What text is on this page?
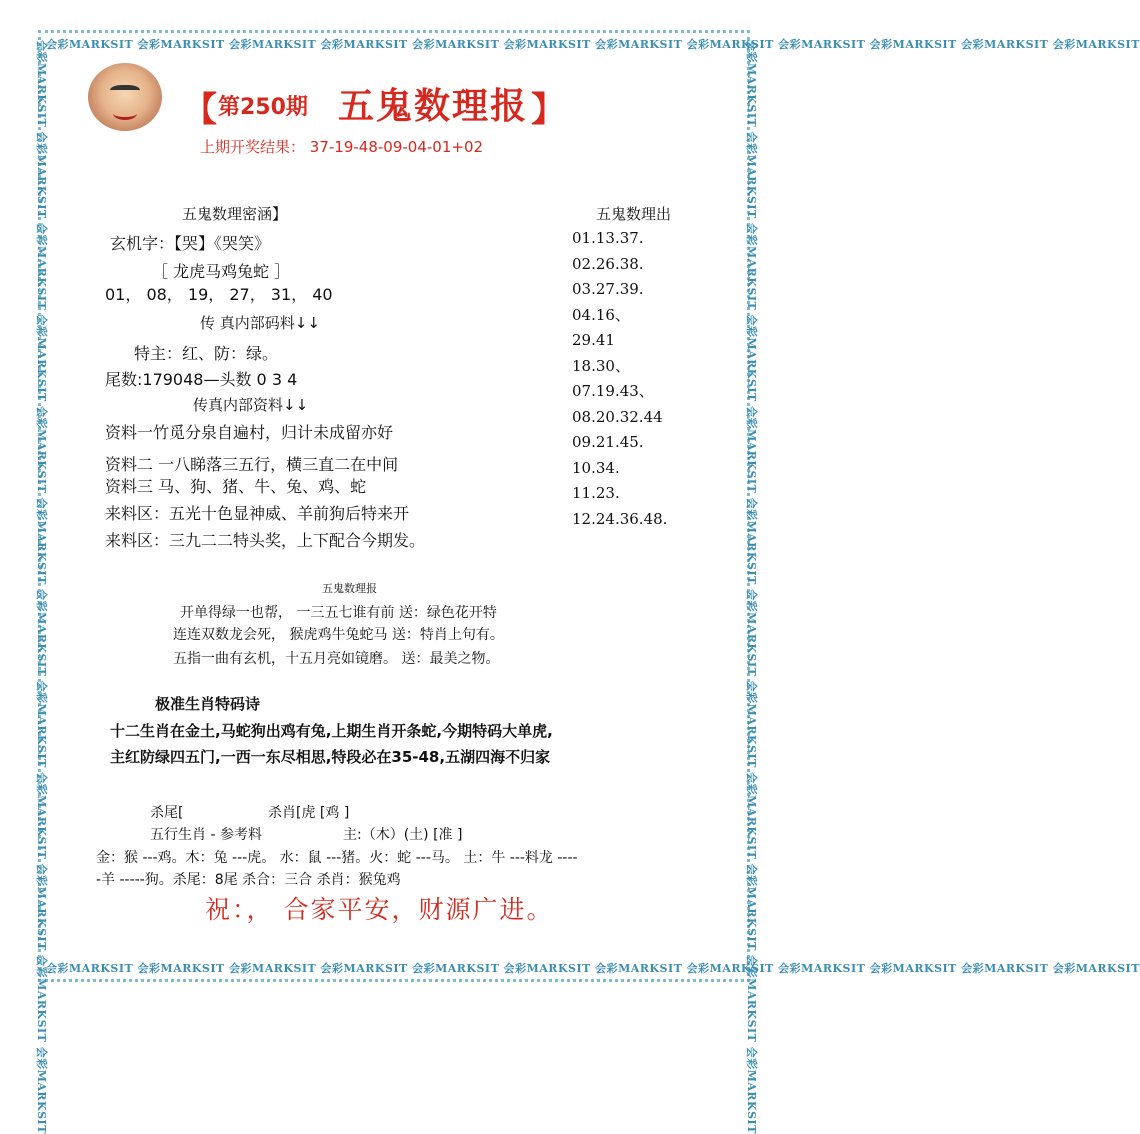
会彩MARKSIT 会彩MARKSIT 会彩MARKSIT 会彩MARKSIT 会彩MARKSIT 会彩MARKSIT 会彩MARKSIT 会彩MARKSIT 会彩MARKSIT 会彩MARKSIT 会彩MARKSIT 会彩MARKSIT
会彩MARKSIT 会彩MARKSIT 会彩MARKSIT 会彩MARKSIT 会彩MARKSIT 会彩MARKSIT 会彩MARKSIT 会彩MARKSIT 会彩MARKSIT 会彩MARKSIT 会彩MARKSIT 会彩MARKSIT
会彩MARKSIT 会彩MARKSIT 会彩MARKSIT 会彩MARKSIT 会彩MARKSIT 会彩MARKSIT 会彩MARKSIT 会彩MARKSIT 会彩MARKSIT 会彩MARKSIT 会彩MARKSIT 会彩MARKSIT	会彩MARKSIT 会彩MARKSIT 会彩MARKSIT 会彩MARKSIT 会彩MARKSIT 会彩MARKSIT 会彩MARKSIT 会彩MARKSIT 会彩MARKSIT 会彩MARKSIT 会彩MARKSIT 会彩MARKSIT
【 第250期 五鬼数理报 】
上期开奖结果： 37-19-48-09-04-01+02
五鬼数理密涵】
玄机字：【哭】《哭笑》
［ 龙虎马鸡兔蛇 ］
01， 08， 19， 27， 31， 40
传 真内部码料↓↓
特主：红、防：绿。
尾数:179048—头数 0 3 4
传真内部资料↓↓
资料一竹觅分泉自遍村，归计未成留亦好
资料二 一八睇落三五行，横三直二在中间
资料三 马、狗、猪、牛、兔、鸡、蛇
来料区：五光十色显神威、羊前狗后特来开
来料区：三九二二特头奖，上下配合今期发。
五鬼数理出
01.13.37.
02.26.38.
03.27.39.
04.16、
29.41
18.30、
07.19.43、
08.20.32.44
09.21.45.
10.34.
11.23.
12.24.36.48.
五鬼数理报
开单得绿一也帮， 一三五七谁有前 送：绿色花开特
连连双数龙会死， 猴虎鸡牛兔蛇马 送：特肖上句有。
五指一曲有玄机，十五月亮如镜磨。 送：最美之物。
极准生肖特码诗
十二生肖在金土,马蛇狗出鸡有兔,上期生肖开条蛇,今期特码大单虎,
主红防绿四五门,一西一东尽相思,特段必在35-48,五湖四海不归家
杀尾[	杀肖[虎 [鸡 ]
五行生肖 - 参考料	主:（木）(土) [准 ]
金：猴 ---鸡。木：兔 ---虎。 水：鼠 ---猪。火：蛇 ---马。 土：牛 ---料龙 ----
-羊 -----狗。杀尾：8尾 杀合：三合 杀肖：猴兔鸡
祝：， 合家平安，财源广进。
